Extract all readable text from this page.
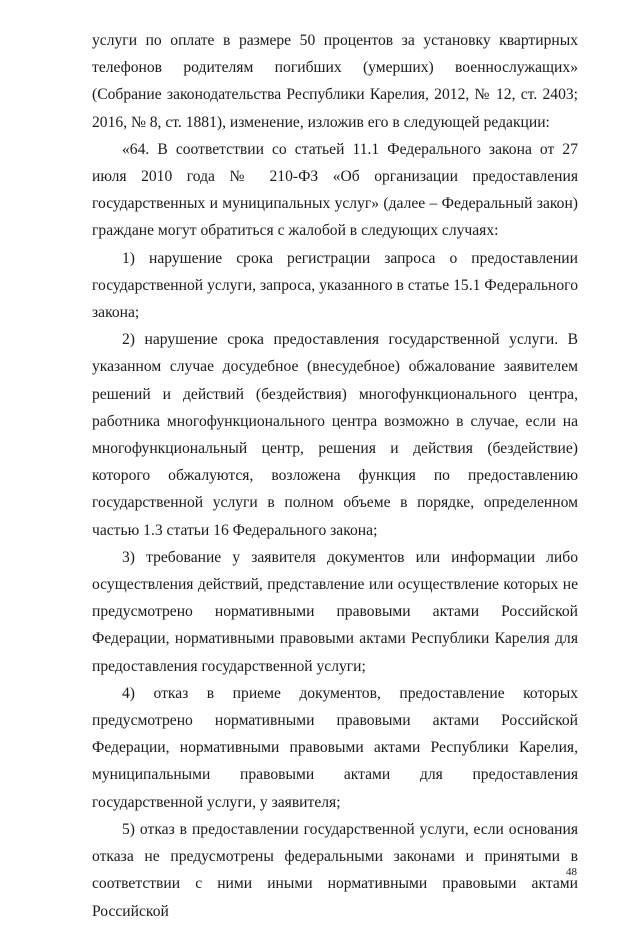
услуги по оплате в размере 50 процентов за установку квартирных телефонов родителям погибших (умерших) военнослужащих» (Собрание законодательства Республики Карелия, 2012, № 12, ст. 2403; 2016, № 8, ст. 1881), изменение, изложив его в следующей редакции:

«64. В соответствии со статьей 11.1 Федерального закона от 27 июля 2010 года № 210-ФЗ «Об организации предоставления государственных и муниципальных услуг» (далее – Федеральный закон) граждане могут обратиться с жалобой в следующих случаях:

1) нарушение срока регистрации запроса о предоставлении государственной услуги, запроса, указанного в статье 15.1 Федерального закона;

2) нарушение срока предоставления государственной услуги. В указанном случае досудебное (внесудебное) обжалование заявителем решений и действий (бездействия) многофункционального центра, работника многофункционального центра возможно в случае, если на многофункциональный центр, решения и действия (бездействие) которого обжалуются, возложена функция по предоставлению государственной услуги в полном объеме в порядке, определенном частью 1.3 статьи 16 Федерального закона;

3) требование у заявителя документов или информации либо осуществления действий, представление или осуществление которых не предусмотрено нормативными правовыми актами Российской Федерации, нормативными правовыми актами Республики Карелия для предоставления государственной услуги;

4) отказ в приеме документов, предоставление которых предусмотрено нормативными правовыми актами Российской Федерации, нормативными правовыми актами Республики Карелия, муниципальными правовыми актами для предоставления государственной услуги, у заявителя;

5) отказ в предоставлении государственной услуги, если основания отказа не предусмотрены федеральными законами и принятыми в соответствии с ними иными нормативными правовыми актами Российской

48
